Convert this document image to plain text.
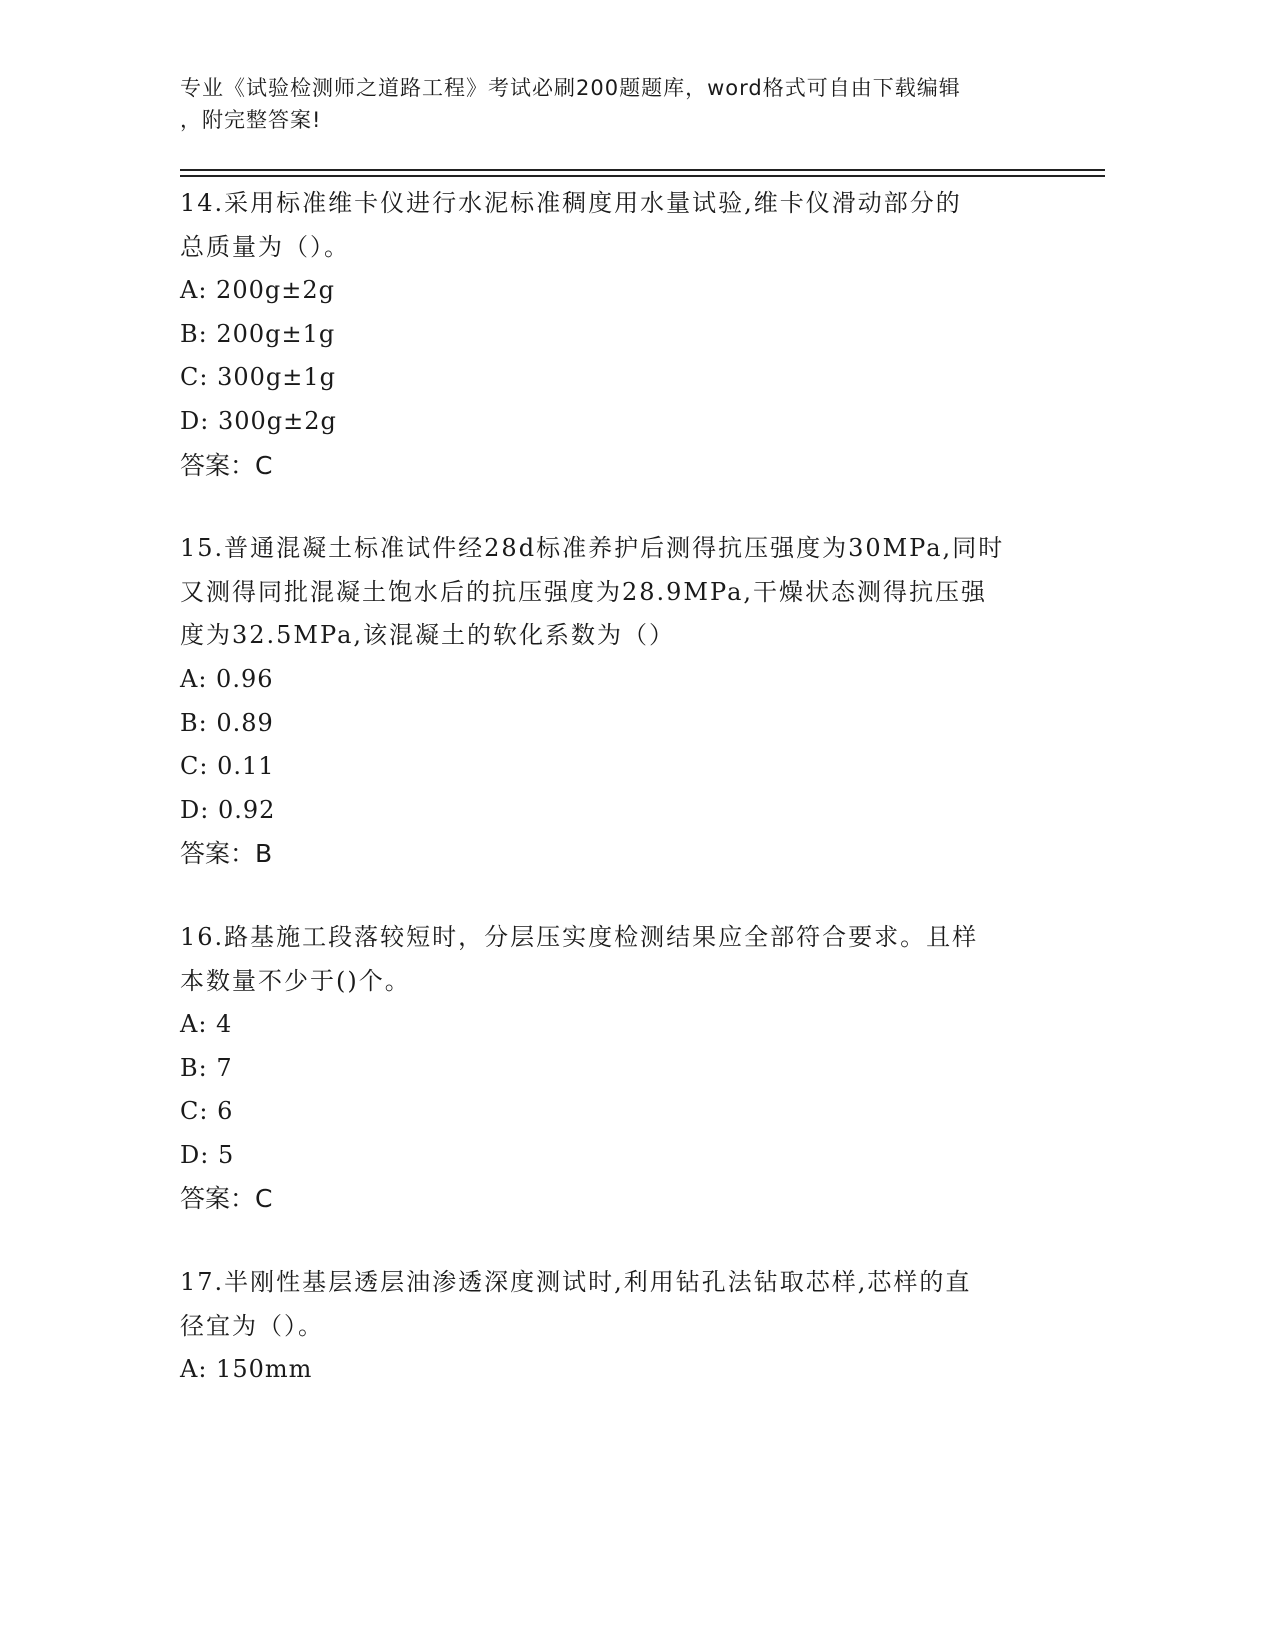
专业《试验检测师之道路工程》考试必刷200题题库，word格式可自由下载编辑
，附完整答案!

14.采用标准维卡仪进行水泥标准稠度用水量试验,维卡仪滑动部分的

总质量为（）。

A: 200g±2g

B: 200g±1g

C: 300g±1g

D: 300g±2g

答案：C

15.普通混凝土标准试件经28d标准养护后测得抗压强度为30MPa,同时

又测得同批混凝土饱水后的抗压强度为28.9MPa,干燥状态测得抗压强

度为32.5MPa,该混凝土的软化系数为（）

A: 0.96

B: 0.89

C: 0.11

D: 0.92

答案：B

16.路基施工段落较短时，分层压实度检测结果应全部符合要求。且样

本数量不少于()个。

A: 4

B: 7

C: 6

D: 5

答案：C

17.半刚性基层透层油渗透深度测试时,利用钻孔法钻取芯样,芯样的直

径宜为（）。

A: 150mm
